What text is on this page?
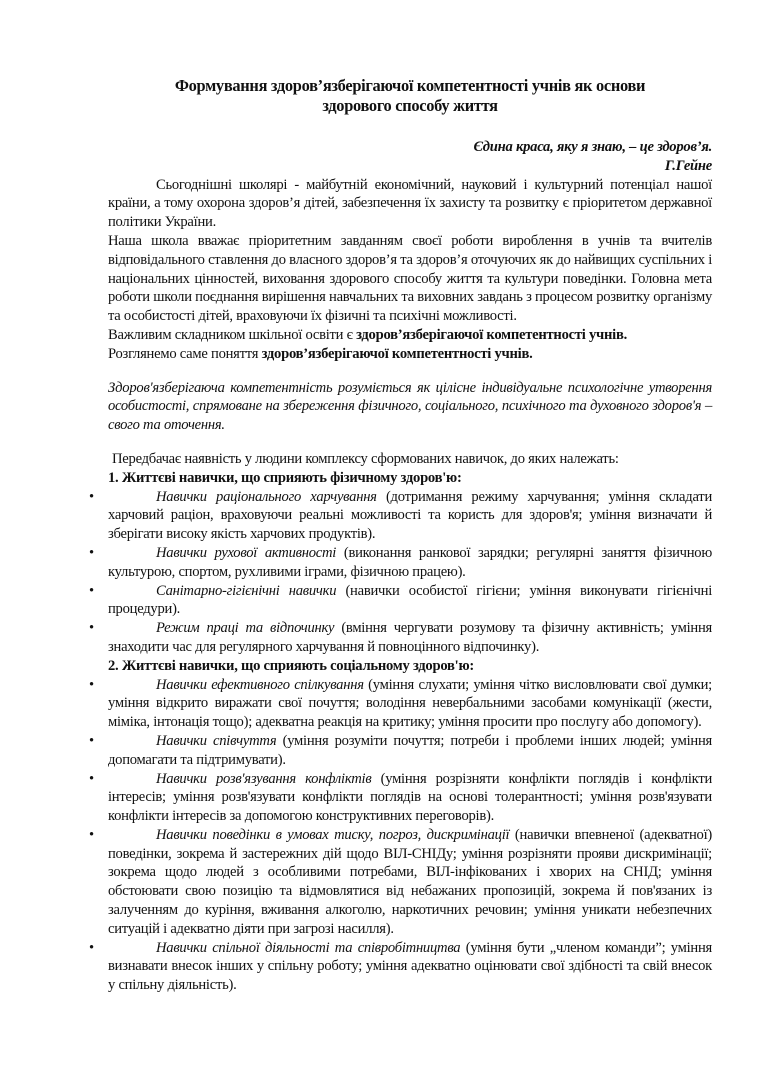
Формування здоров’язберігаючої компетентності учнів як основи
здорового способу життя
Єдина краса, яку я знаю, – це здоров’я.
Г.Гейне

Сьогоднішні школярі - майбутній економічний, науковий і культурний потенціал нашої країни, а тому охорона здоров’я дітей, забезпечення їх захисту та розвитку є пріоритетом державної політики України.

Наша школа вважає пріоритетним завданням своєї роботи вироблення в учнів та вчителів відповідального ставлення до власного здоров’я та здоров’я оточуючих як до найвищих суспільних і національних цінностей, виховання здорового способу життя та культури поведінки. Головна мета роботи школи поєднання вирішення навчальних та виховних завдань з процесом розвитку організму та особистості дітей, враховуючи їх фізичні та психічні можливості.

Важливим складником шкільної освіти є здоров’язберігаючої компетентності учнів.

Розглянемо саме поняття здоров’язберігаючої компетентності учнів.

Здоров'язберігаюча компетентність розуміється як цілісне індивідуальне психологічне утворення особистості, спрямоване на збереження фізичного, соціального, психічного та духовного здоров'я – свого та оточення.

Передбачає наявність у людини комплексу сформованих навичок, до яких належать:

1. Життєві навички, що сприяють фізичному здоров'ю:
•	Навички раціонального харчування (дотримання режиму харчування; уміння складати харчовий раціон, враховуючи реальні можливості та користь для здоров'я; уміння визначати й зберігати високу якість харчових продуктів).
•	Навички рухової активності (виконання ранкової зарядки; регулярні заняття фізичною культурою, спортом, рухливими іграми, фізичною працею).
•	Санітарно-гігієнічні навички (навички особистої гігієни; уміння виконувати гігієнічні процедури).
•	Режим праці та відпочинку (вміння чергувати розумову та фізичну активність; уміння знаходити час для регулярного харчування й повноцінного відпочинку).
2. Життєві навички, що сприяють соціальному здоров'ю:
•	Навички ефективного спілкування (уміння слухати; уміння чітко висловлювати свої думки; уміння відкрито виражати свої почуття; володіння невербальними засобами комунікації (жести, міміка, інтонація тощо); адекватна реакція на критику; уміння просити про послугу або допомогу).
•	Навички співчуття (уміння розуміти почуття; потреби і проблеми інших людей; уміння допомагати та підтримувати).
•	Навички розв'язування конфліктів (уміння розрізняти конфлікти поглядів і конфлікти інтересів; уміння розв'язувати конфлікти поглядів на основі толерантності; уміння розв'язувати конфлікти інтересів за допомогою конструктивних переговорів).
•	Навички поведінки в умовах тиску, погроз, дискримінації (навички впевненої (адекватної) поведінки, зокрема й застережних дій щодо ВІЛ-СНІДу; уміння розрізняти прояви дискримінації; зокрема щодо людей з особливими потребами, ВІЛ-інфікованих і хворих на СНІД; уміння обстоювати свою позицію та відмовлятися від небажаних пропозицій, зокрема й пов'язаних із залученням до куріння, вживання алкоголю, наркотичних речовин; уміння уникати небезпечних ситуацій і адекватно діяти при загрозі насилля).
•	Навички спільної діяльності та співробітництва (уміння бути „членом команди”; уміння визнавати внесок інших у спільну роботу; уміння адекватно оцінювати свої здібності та свій внесок у спільну діяльність).
